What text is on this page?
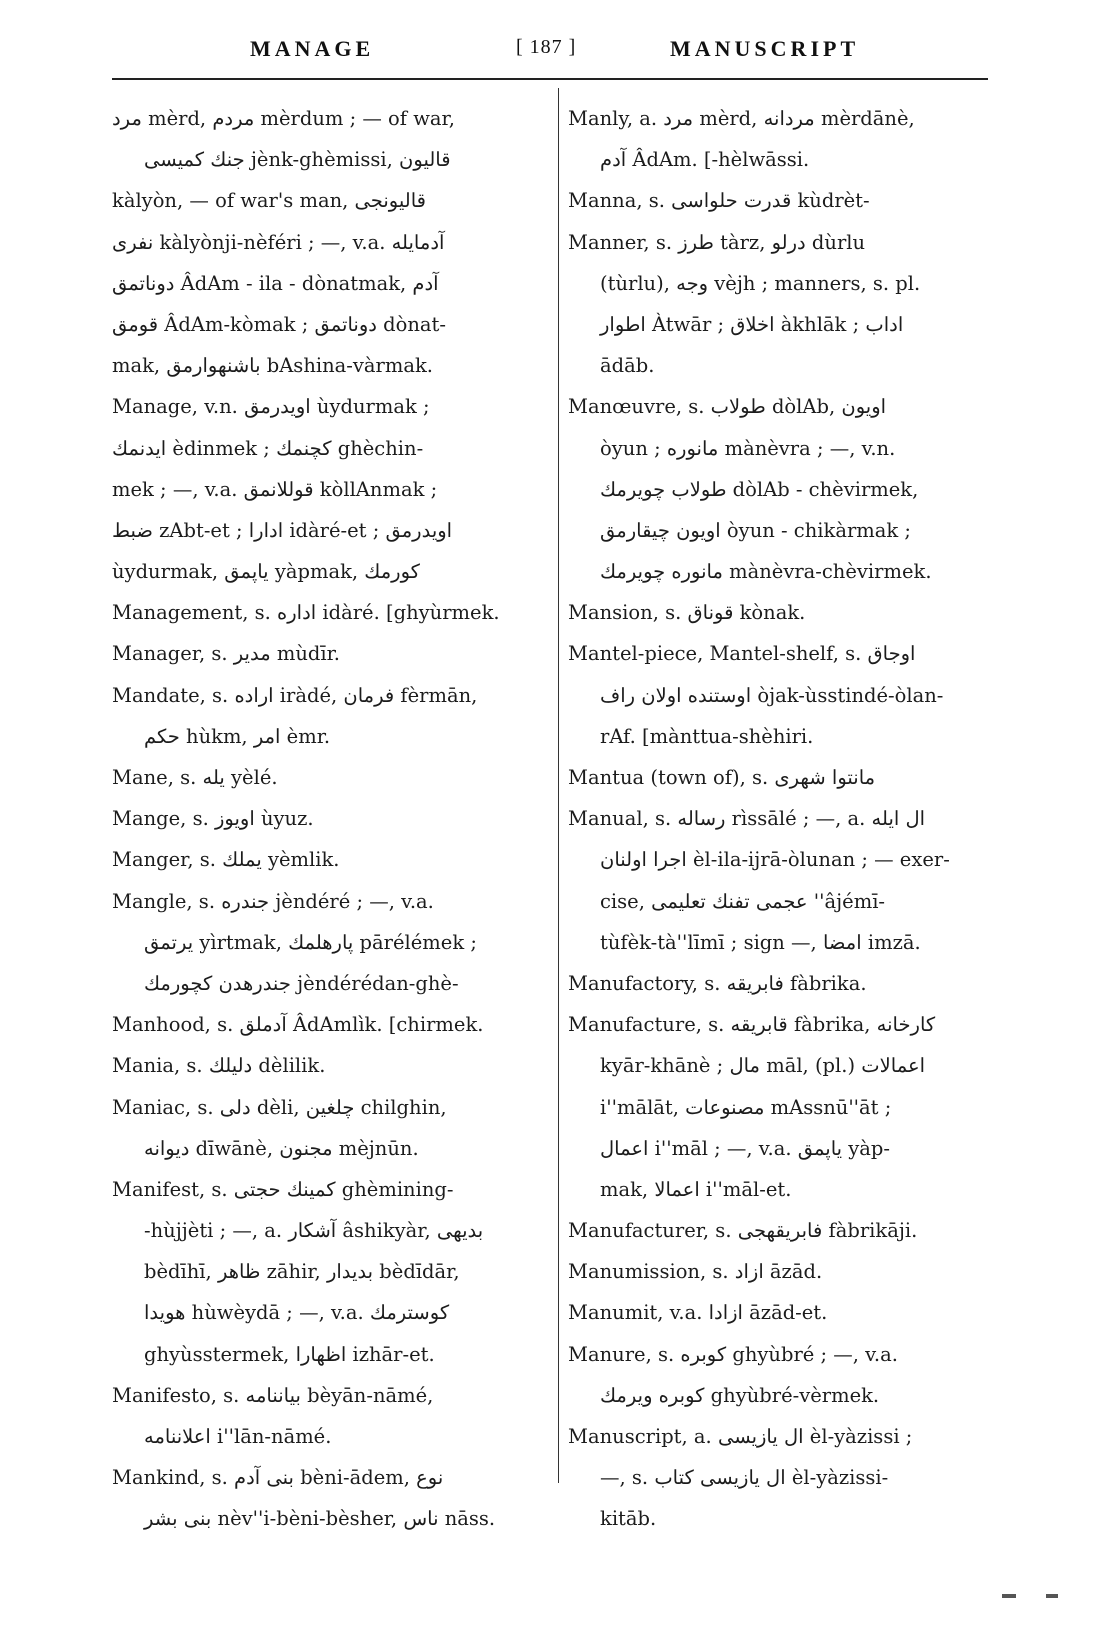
MANAGE	[ 187 ]	MANUSCRIPT
مرد mèrd, مردم mèrdum ; — of war,
جنك كميسى jènk-ghèmissi, قاليون
kàlyòn, — of war's man, قاليونجى
نفرى kàlyònji-nèféri ; —, v.a. آدمايله
دوناتمق ÂdAm - ila - dònatmak, آدم
قومق ÂdAm-kòmak ; دوناتمق dònat-
mak, باشنهوارمق bAshina-vàrmak.
Manage, v.n. اويدرمق ùydurmak ;
ايدنمك èdinmek ; كچنمك ghèchin-
mek ; —, v.a. قوللانمق kòllAnmak ;
ضبط zAbt-et ; ادارا idàré-et ; اويدرمق
ùydurmak, ياپمق yàpmak, كورمك
Management, s. اداره idàré. [ghyùrmek.
Manager, s. مدير mùdīr.
Mandate, s. اراده iràdé, فرمان fèrmān,
حكم hùkm, امر èmr.
Mane, s. يله yèlé.
Mange, s. اويوز ùyuz.
Manger, s. يملك yèmlik.
Mangle, s. جندره jèndéré ; —, v.a.
يرتمق yìrtmak, پارهلمك pārélémek ;
جندرهدن كچورمك jèndérédan-ghè-
Manhood, s. آدملق ÂdAmlìk. [chirmek.
Mania, s. دليلك dèlilik.
Maniac, s. دلى dèli, چلغين chilghin,
ديوانه dīwānè, مجنون mèjnūn.
Manifest, s. كمينك حجتى ghèmining-
-hùjjèti ; —, a. آشكار âshikyàr, بديهى
bèdīhī, ظاهر zāhir, بديدار bèdīdār,
هويدا hùwèydā ; —, v.a. كوسترمك
ghyùsstermek, اظهارا izhār-et.
Manifesto, s. بياننامه bèyān-nāmé,
اعلاننامه i''lān-nāmé.
Mankind, s. بنى آدم bèni-ādem, نوع
بنى بشر nèv''i-bèni-bèsher, ناس nāss.
Manly, a. مرد mèrd, مردانه mèrdānè,
آدم ÂdAm. [-hèlwāssi.
Manna, s. قدرت حلواسى kùdrèt-
Manner, s. طرز tàrz, درلو dùrlu
(tùrlu), وجه vèjh ; manners, s. pl.
اطوار Àtwār ; اخلاق àkhlāk ; اداب
ādāb.
Manœuvre, s. طولاب dòlAb, اويون
òyun ; مانوره mànèvra ; —, v.n.
طولاب چويرمك dòlAb - chèvirmek,
اويون چيقارمق òyun - chikàrmak ;
مانوره چويرمك mànèvra-chèvirmek.
Mansion, s. قوناق kònak.
Mantel-piece, Mantel-shelf, s. اوجاق
اوستنده اولان راف òjak-ùsstindé-òlan-
rAf. [mànttua-shèhiri.
Mantua (town of), s. مانتوا شهرى
Manual, s. رساله rìssālé ; —, a. ال ايله
اجرا اولنان èl-ila-ijrā-òlunan ; — exer-
cise, عجمى تفنك تعليمى ''âjémī-
tùfèk-tà''līmī ; sign —, امضا imzā.
Manufactory, s. فابريقه fàbrika.
Manufacture, s. قابريقه fàbrika, كارخانه
kyār-khānè ; مال māl, (pl.) اعمالات
i''mālāt, مصنوعات mAssnū''āt ;
اعمال i''māl ; —, v.a. ياپمق yàp-
mak, اعمالا i''māl-et.
Manufacturer, s. فابريقهجى fàbrikāji.
Manumission, s. ازاد āzād.
Manumit, v.a. ازادا āzād-et.
Manure, s. كوبره ghyùbré ; —, v.a.
كوبره ويرمك ghyùbré-vèrmek.
Manuscript, a. ال يازيسى èl-yàzissi ;
—, s. ال يازيسى كتاب èl-yàzissi-
kitāb.
